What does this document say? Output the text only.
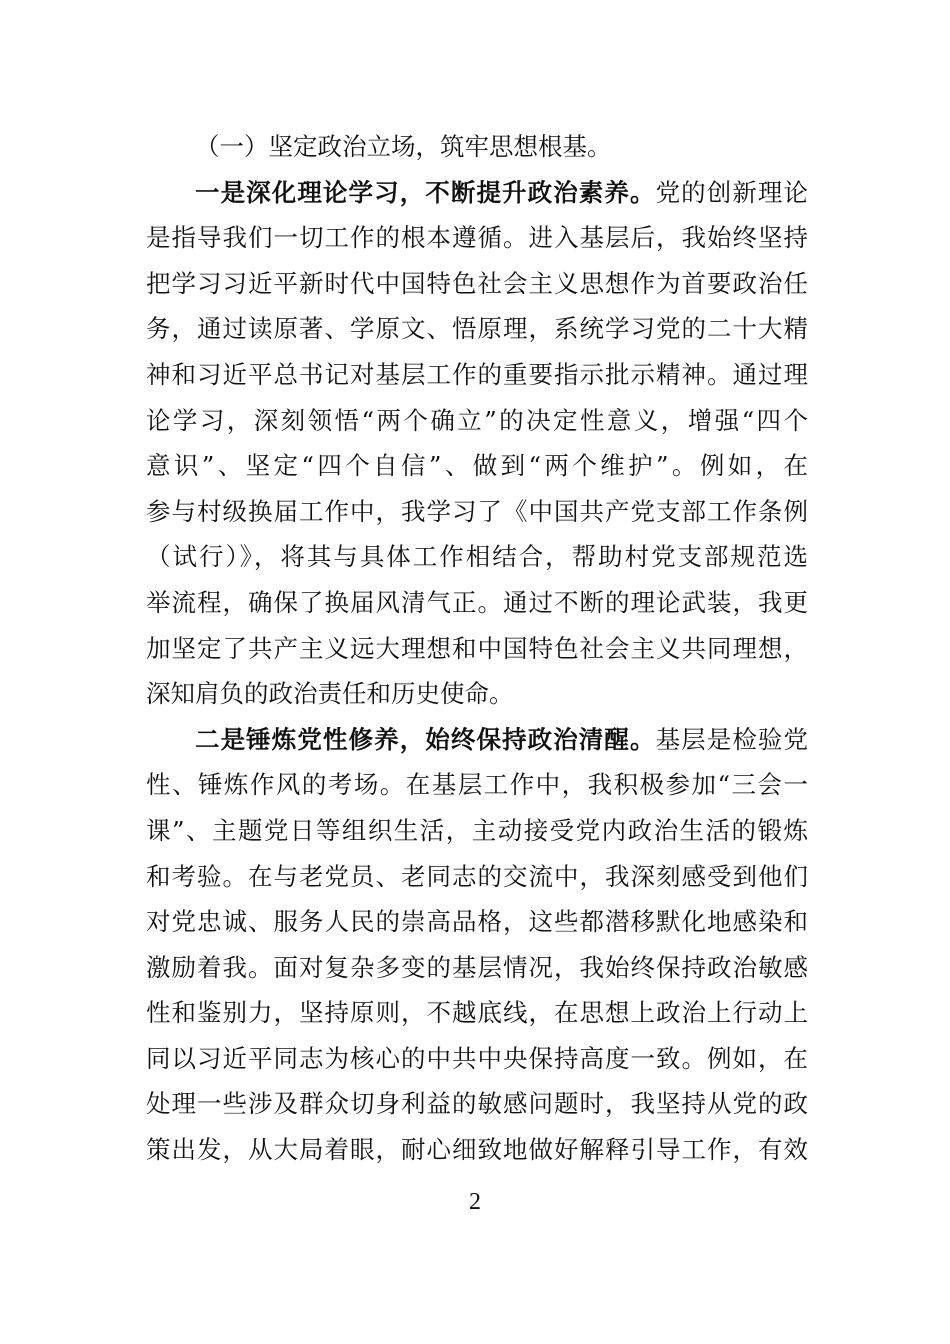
（一）坚定政治立场，筑牢思想根基。
一是深化理论学习，不断提升政治素养。党的创新理论
是指导我们一切工作的根本遵循。进入基层后，我始终坚持
把学习习近平新时代中国特色社会主义思想作为首要政治任
务，通过读原著、学原文、悟原理，系统学习党的二十大精
神和习近平总书记对基层工作的重要指示批示精神。通过理
论学习，深刻领悟“两个确立”的决定性意义，增强“四个
意识”、坚定“四个自信”、做到“两个维护”。例如，在
参与村级换届工作中，我学习了《中国共产党支部工作条例
（试行）》，将其与具体工作相结合，帮助村党支部规范选
举流程，确保了换届风清气正。通过不断的理论武装，我更
加坚定了共产主义远大理想和中国特色社会主义共同理想，
深知肩负的政治责任和历史使命。
二是锤炼党性修养，始终保持政治清醒。基层是检验党
性、锤炼作风的考场。在基层工作中，我积极参加“三会一
课”、主题党日等组织生活，主动接受党内政治生活的锻炼
和考验。在与老党员、老同志的交流中，我深刻感受到他们
对党忠诚、服务人民的崇高品格，这些都潜移默化地感染和
激励着我。面对复杂多变的基层情况，我始终保持政治敏感
性和鉴别力，坚持原则，不越底线，在思想上政治上行动上
同以习近平同志为核心的中共中央保持高度一致。例如，在
处理一些涉及群众切身利益的敏感问题时，我坚持从党的政
策出发，从大局着眼，耐心细致地做好解释引导工作，有效
2
